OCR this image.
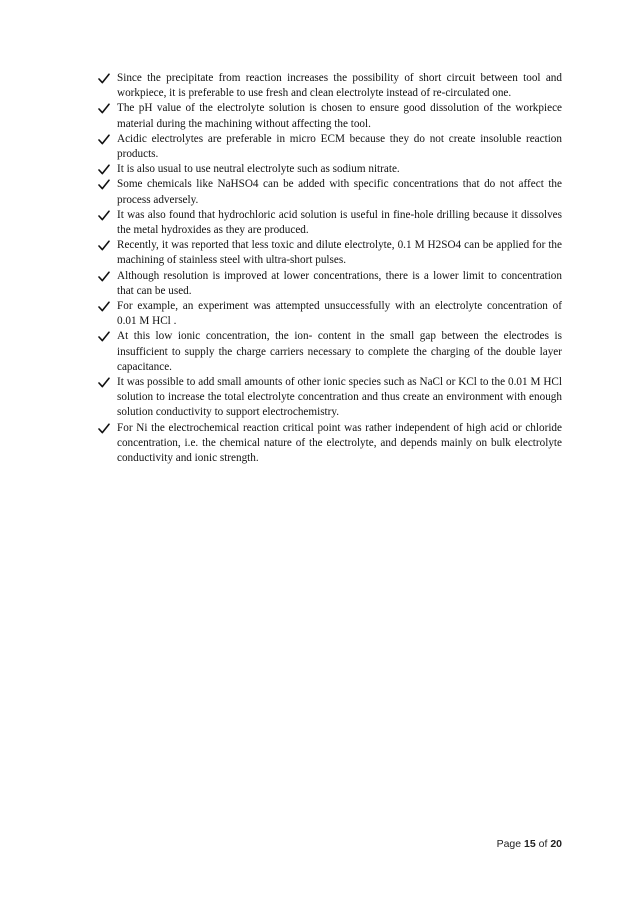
Since the precipitate from reaction increases the possibility of short circuit between tool and workpiece, it is preferable to use fresh and clean electrolyte instead of re-circulated one.
The pH value of the electrolyte solution is chosen to ensure good dissolution of the workpiece material during the machining without affecting the tool.
Acidic electrolytes are preferable in micro ECM because they do not create insoluble reaction products.
It is also usual to use neutral electrolyte such as sodium nitrate.
Some chemicals like NaHSO4 can be added with specific concentrations that do not affect the process adversely.
It was also found that hydrochloric acid solution is useful in fine-hole drilling because it dissolves the metal hydroxides as they are produced.
Recently, it was reported that less toxic and dilute electrolyte, 0.1 M H2SO4 can be applied for the machining of stainless steel with ultra-short pulses.
Although resolution is improved at lower concentrations, there is a lower limit to concentration that can be used.
For example, an experiment was attempted unsuccessfully with an electrolyte concentration of 0.01 M HCl .
At this low ionic concentration, the ion- content in the small gap between the electrodes is insufficient to supply the charge carriers necessary to complete the charging of the double layer capacitance.
It was possible to add small amounts of other ionic species such as NaCl or KCl to the 0.01 M HCl solution to increase the total electrolyte concentration and thus create an environment with enough solution conductivity to support electrochemistry.
For Ni the electrochemical reaction critical point was rather independent of high acid or chloride concentration, i.e. the chemical nature of the electrolyte, and depends mainly on bulk electrolyte conductivity and ionic strength.
Page 15 of 20
